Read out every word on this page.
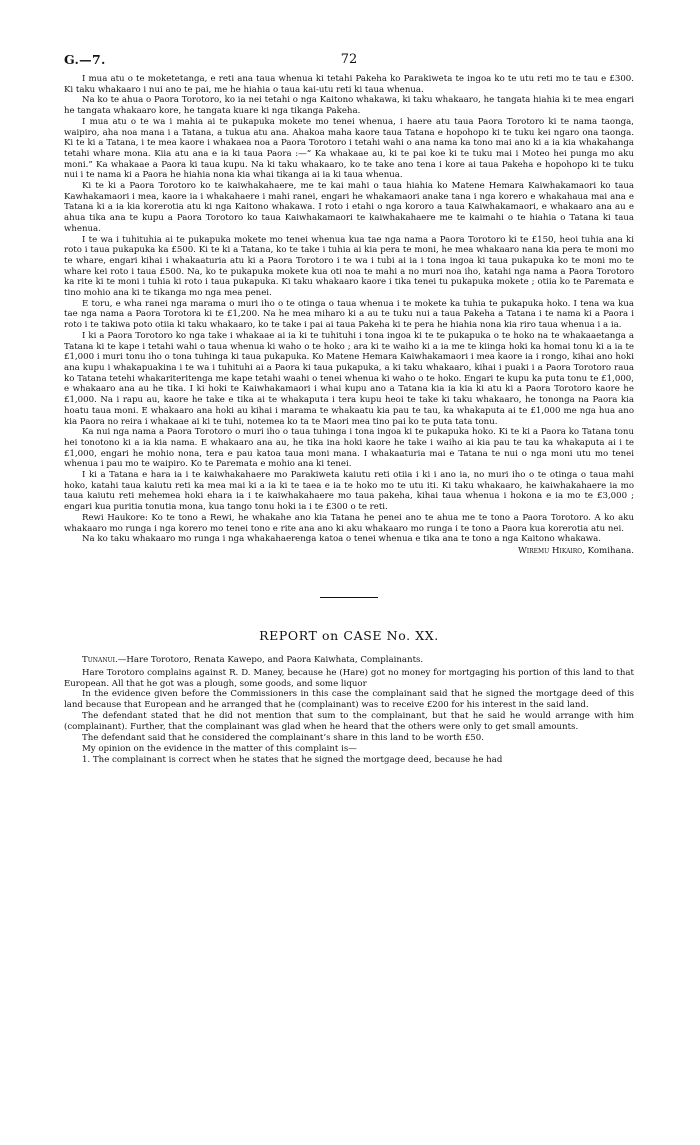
G.—7.	72

I mua atu o te moketetanga, e reti ana taua whenua ki tetahi Pakeha ko Parakiweta te ingoa ko te utu reti mo te tau e £300. Ki taku whakaaro i nui ano te pai, me he hiahia o taua kai-utu reti ki taua whenua.

Na ko te ahua o Paora Torotoro, ko ia nei tetahi o nga Kaitono whakawa, ki taku whakaaro, he tangata hiahia ki te mea engari he tangata whakaaro kore, he tangata kuare ki nga tikanga Pakeha.

I mua atu o te wa i mahia ai te pukapuka mokete mo tenei whenua, i haere atu taua Paora Torotoro ki te nama taonga, waipiro, aha noa mana i a Tatana, a tukua atu ana. Ahakoa maha kaore taua Tatana e hopohopo ki te tuku kei ngaro ona taonga. Ki te ki a Tatana, i te mea kaore i whakaea noa a Paora Torotoro i tetahi wahi o ana nama ka tono mai ano ki a ia kia whakahanga tetahi whare mona. Kiia atu ana e ia ki taua Paora :—“ Ka whakaae au, ki te pai koe ki te tuku mai i Moteo hei punga mo aku moni.” Ka whakaae a Paora ki taua kupu. Na ki taku whakaaro, ko te take ano tena i kore ai taua Pakeha e hopohopo ki te tuku nui i te nama ki a Paora he hiahia nona kia whai tikanga ai ia ki taua whenua.

Ki te ki a Paora Torotoro ko te kaiwhakahaere, me te kai mahi o taua hiahia ko Matene Hemara Kaiwhakamaori ko taua Kawhakamaori i mea, kaore ia i whakahaere i mahi ranei, engari he whakamaori anake tana i nga korero e whakahaua mai ana e Tatana ki a ia kia korerotia atu ki nga Kaitono whakawa. I roto i etahi o nga kororo a taua Kaiwhakamaori, e whakaaro ana au e ahua tika ana te kupu a Paora Torotoro ko taua Kaiwhakamaori te kaiwhakahaere me te kaimahi o te hiahia o Tatana ki taua whenua.

I te wa i tuhituhia ai te pukapuka mokete mo tenei whenua kua tae nga nama a Paora Torotoro ki te £150, heoi tuhia ana ki roto i taua pukapuka ka £500. Ki te ki a Tatana, ko te take i tuhia ai kia pera te moni, he mea whakaaro nana kia pera te moni mo te whare, engari kihai i whakaaturia atu ki a Paora Torotoro i te wa i tubi ai ia i tona ingoa ki taua pukapuka ko te moni mo te whare kei roto i taua £500. Na, ko te pukapuka mokete kua oti noa te mahi a no muri noa iho, katahi nga nama a Paora Torotoro ka rite ki te moni i tuhia ki roto i taua pukapuka. Ki taku whakaaro kaore i tika tenei tu pukapuka mokete ; otiia ko te Paremata e tino mohio ana ki te tikanga mo nga mea penei.

E toru, e wha ranei nga marama o muri iho o te otinga o taua whenua i te mokete ka tuhia te pukapuka hoko. I tena wa kua tae nga nama a Paora Torotora ki te £1,200. Na he mea miharo ki a au te tuku nui a taua Pakeha a Tatana i te nama ki a Paora i roto i te takiwa poto otiia ki taku whakaaro, ko te take i pai ai taua Pakeha ki te pera he hiahia nona kia riro taua whenua i a ia.

I ki a Paora Torotoro ko nga take i whakaae ai ia ki te tuhituhi i tona ingoa ki te te pukapuka o te hoko na te whakaaetanga a Tatana ki te kape i tetahi wahi o taua whenua ki waho o te hoko ; ara ki te waiho ki a ia me te kiinga hoki ka homai tonu ki a ia te £1,000 i muri tonu iho o tona tuhinga ki taua pukapuka. Ko Matene Hemara Kaiwhakamaori i mea kaore ia i rongo, kihai ano hoki ana kupu i whakapuakina i te wa i tuhituhi ai a Paora ki taua pukapuka, a ki taku whakaaro, kihai i puaki i a Paora Torotoro raua ko Tatana tetehi whakariteritenga me kape tetahi waahi o tenei whenua ki waho o te hoko. Engari te kupu ka puta tonu te £1,000, e whakaaro ana au he tika. I ki hoki te Kaiwhakamaori i whai kupu ano a Tatana kia ia kia ki atu ki a Paora Torotoro kaore he £1,000. Na i rapu au, kaore he take e tika ai te whakaputa i tera kupu heoi te take ki taku whakaaro, he tononga na Paora kia hoatu taua moni. E whakaaro ana hoki au kihai i marama te whakaatu kia pau te tau, ka whakaputa ai te £1,000 me nga hua ano kia Paora no reira i whakaae ai ki te tuhi, notemea ko ta te Maori mea tino pai ko te puta tata tonu.

Ka nui nga nama a Paora Torotoro o muri iho o taua tuhinga i tona ingoa ki te pukapuka hoko. Ki te ki a Paora ko Tatana tonu hei tonotono ki a ia kia nama. E whakaaro ana au, he tika ina hoki kaore he take i waiho ai kia pau te tau ka whakaputa ai i te £1,000, engari he mohio nona, tera e pau katoa taua moni mana. I whakaaturia mai e Tatana te nui o nga moni utu mo tenei whenua i pau mo te waipiro. Ko te Paremata e mohio ana ki tenei.

I ki a Tatana e hara ia i te kaiwhakahaere mo Parakiweta kaiutu reti otiia i ki i ano ia, no muri iho o te otinga o taua mahi hoko, katahi taua kaiutu reti ka mea mai ki a ia ki te taea e ia te hoko mo te utu iti. Ki taku whakaaro, he kaiwhakahaere ia mo taua kaiutu reti mehemea hoki ehara ia i te kaiwhakahaere mo taua pakeha, kihai taua whenua i hokona e ia mo te £3,000 ; engari kua puritia tonutia mona, kua tango tonu hoki ia i te £300 o te reti.

Rewi Haukore: Ko te tono a Rewi, he whakahe ano kia Tatana he penei ano te ahua me te tono a Paora Torotoro. A ko aku whakaaro mo runga i nga korero mo tenei tono e rite ana ano ki aku whakaaro mo runga i te tono a Paora kua korerotia atu nei.

Na ko taku whakaaro mo runga i nga whakahaerenga katoa o tenei whenua e tika ana te tono a nga Kaitono whakawa.

Wiremu Hikairo, Komihana.
REPORT on CASE No. XX.
Tunanui.—Hare Torotoro, Renata Kawepo, and Paora Kaiwhata, Complainants.

Hare Torotoro complains against R. D. Maney, because he (Hare) got no money for mortgaging his portion of this land to that European. All that he got was a plough, some goods, and some liquor

In the evidence given before the Commissioners in this case the complainant said that he signed the mortgage deed of this land because that European and he arranged that he (complainant) was to receive £200 for his interest in the said land.

The defendant stated that he did not mention that sum to the complainant, but that he said he would arrange with him (complainant). Further, that the complainant was glad when he heard that the others were only to get small amounts.

The defendant said that he considered the complainant’s share in this land to be worth £50.

My opinion on the evidence in the matter of this complaint is—

1. The complainant is correct when he states that he signed the mortgage deed, because he had
